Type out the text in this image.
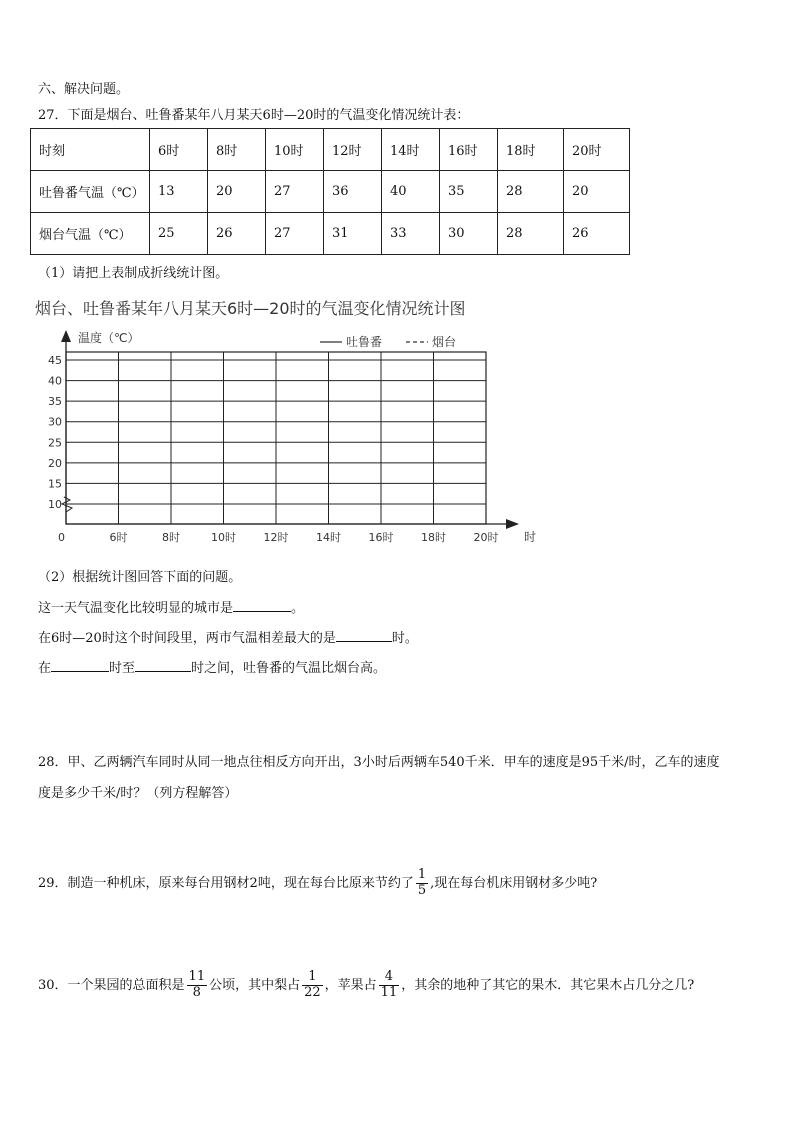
六、解决问题。
27．下面是烟台、吐鲁番某年八月某天6时—20时的气温变化情况统计表：
时刻	6时	8时	10时	12时	14时	16时	18时	20时
吐鲁番气温（℃）	13	20	27	36	40	35	28	20
烟台气温（℃）	25	26	27	31	33	30	28	26
（1）请把上表制成折线统计图。
烟台、吐鲁番某年八月某天6时—20时的气温变化情况统计图
温度（℃）	吐鲁番	烟台
45
40
35
30
25
20
15
10
6时	8时	10时	12时	14时	16时	18时	20时
0	时
（2）根据统计图回答下面的问题。
这一天气温变化比较明显的城市是	。
在6时—20时这个时间段里，两市气温相差最大的是	时。
在	时至	时之间，吐鲁番的气温比烟台高。
28．甲、乙两辆汽车同时从同一地点往相反方向开出，3小时后两辆车540千米．甲车的速度是95千米/时，乙车的速度
度是多少千米/时？（列方程解答）
29．制造一种机床，原来每台用钢材2吨，现在每台比原来节约了 $\frac{1}{5}$ ,现在每台机床用钢材多少吨?
30．一个果园的总面积是 $\frac{11}{8}$ 公顷，其中梨占 $\frac{1}{22}$ ，苹果占 $\frac{4}{11}$ ，其余的地种了其它的果木．其它果木占几分之几?
